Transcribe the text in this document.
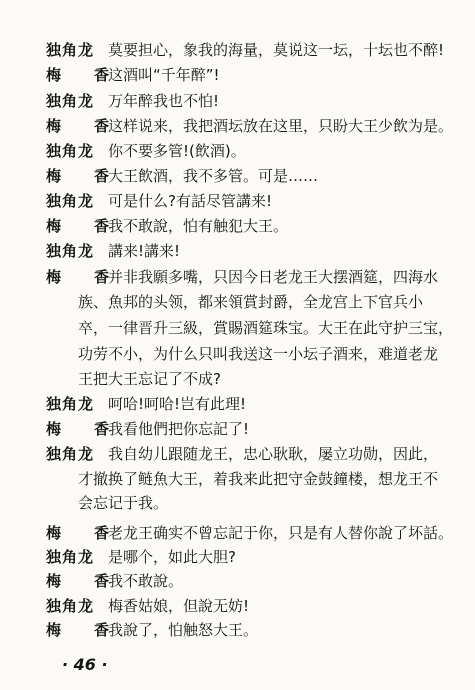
独角龙 莫要担心，象我的海量，莫说这一坛，十坛也不醉!
梅　香
这酒叫“千年醉”!
独角龙 万年醉我也不怕!
梅　香
这样说来，我把酒坛放在这里，只盼大王少飲为是。
独角龙 你不要多管!(飲酒)。
梅　香
大王飲酒，我不多管。可是……
独角龙 可是什么?有話尽管講来!
梅　香
我不敢說，怕有触犯大王。
独角龙 講来!講来!
梅　香
并非我願多嘴，只因今日老龙王大摆酒筵，四海水
族、魚邦的头领，都来領賞封爵，全龙宫上下官兵小
卒，一律晋升三級，賞賜酒筵珠宝。大王在此守护三宝，
功劳不小，为什么只叫我送这一小坛子酒来，难道老龙
王把大王忘记了不成?
独角龙 呵哈!呵哈!岂有此理!
梅　香
我看他們把你忘記了!
独角龙 我自幼儿跟随龙王，忠心耿耿，屡立功勋，因此，
才撤换了鲢魚大王，着我来此把守金鼓鐘楼，想龙王不
会忘记于我。
梅　香
老龙王确实不曾忘記于你，只是有人替你說了坏話。
独角龙 是哪个，如此大胆?
梅　香
我不敢說。
独角龙 梅香姑娘，但說无妨!
梅　香
我說了，怕触怒大王。
· 46 ·
